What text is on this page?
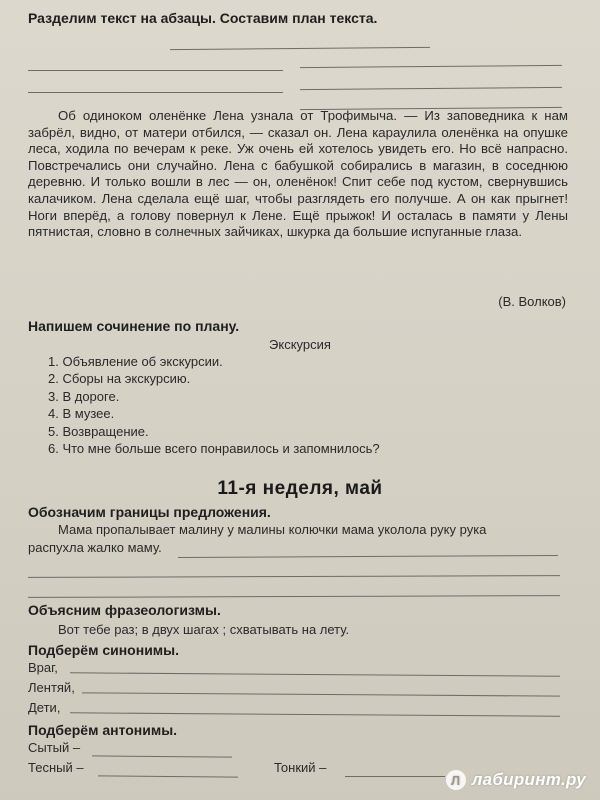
Разделим текст на абзацы. Составим план текста.
Об одиноком оленёнке Лена узнала от Трофимыча. — Из заповедника к нам забрёл, видно, от матери отбился, — сказал он. Лена караулила оленёнка на опушке леса, ходила по вечерам к реке. Уж очень ей хотелось увидеть его. Но всё напрасно. Повстречались они случайно. Лена с бабушкой собирались в магазин, в соседнюю деревню. И только вошли в лес — он, оленёнок! Спит себе под кустом, свернувшись калачиком. Лена сделала ещё шаг, чтобы разглядеть его получше. А он как прыгнет! Ноги вперёд, а голову повернул к Лене. Ещё прыжок! И осталась в памяти у Лены пятнистая, словно в солнечных зайчиках, шкурка да большие испуганные глаза.
(В. Волков)
Напишем сочинение по плану.
Экскурсия
1. Объявление об экскурсии.
2. Сборы на экскурсию.
3. В дороге.
4. В музее.
5. Возвращение.
6. Что мне больше всего понравилось и запомнилось?
11-я неделя, май
Обозначим границы предложения.
Мама пропалывает малину у малины колючки мама уколола руку рука
распухла жалко маму.
Объясним фразеологизмы.
Вот тебе раз; в двух шагах ; схватывать на лету.
Подберём синонимы.
Враг,
Лентяй,
Дети,
Подберём антонимы.
Сытый –
Тесный –	Тонкий –
Л лабиринт.ру
